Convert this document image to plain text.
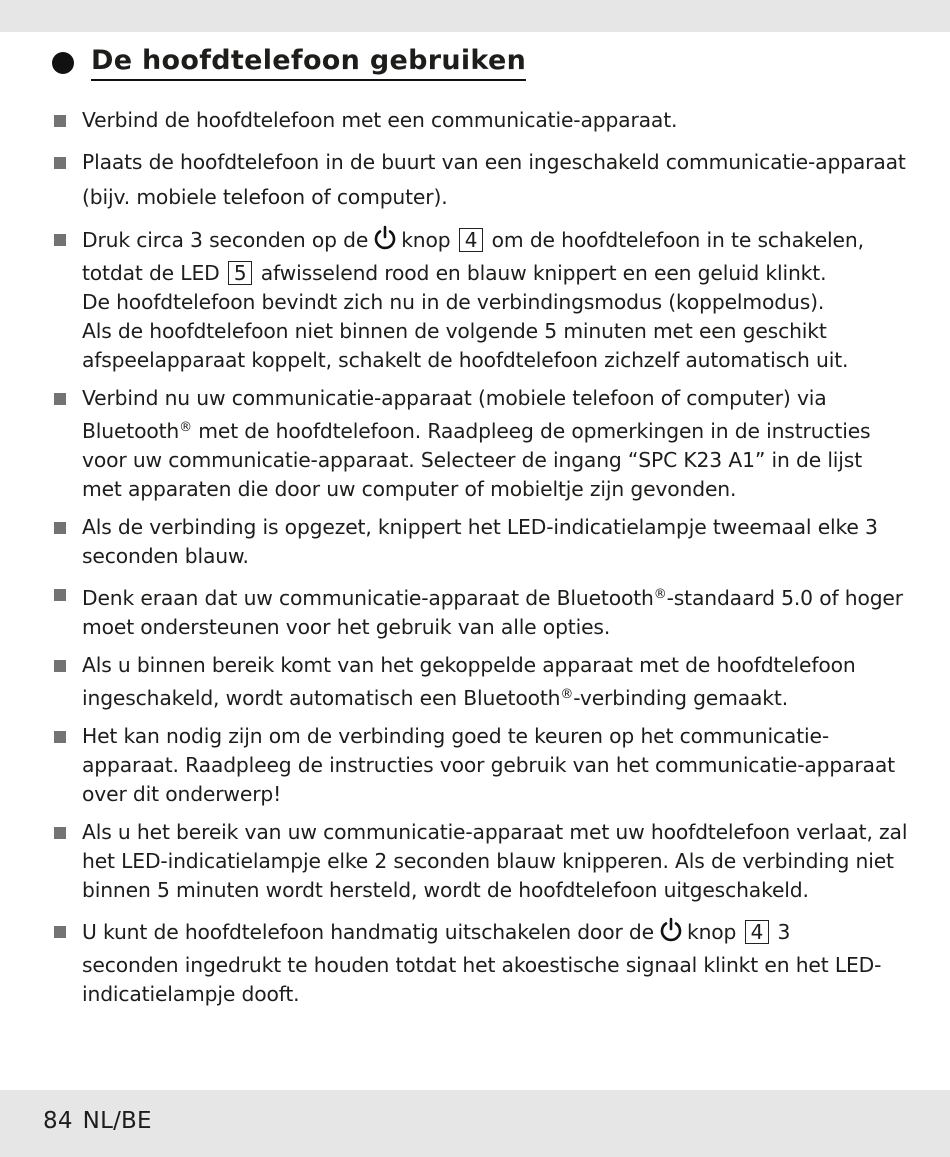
De hoofdtelefoon gebruiken

Verbind de hoofdtelefoon met een communicatie-apparaat.

Plaats de hoofdtelefoon in de buurt van een ingeschakeld communicatie-apparaat

(bijv. mobiele telefoon of computer).

Druk circa 3 seconden op de knop 4 om de hoofdtelefoon in te schakelen,

totdat de LED 5 afwisselend rood en blauw knippert en een geluid klinkt.

De hoofdtelefoon bevindt zich nu in de verbindingsmodus (koppelmodus).

Als de hoofdtelefoon niet binnen de volgende 5 minuten met een geschikt

afspeelapparaat koppelt, schakelt de hoofdtelefoon zichzelf automatisch uit.

Verbind nu uw communicatie-apparaat (mobiele telefoon of computer) via

Bluetooth® met de hoofdtelefoon. Raadpleeg de opmerkingen in de instructies

voor uw communicatie-apparaat. Selecteer de ingang “SPC K23 A1” in de lijst

met apparaten die door uw computer of mobieltje zijn gevonden.

Als de verbinding is opgezet, knippert het LED-indicatielampje tweemaal elke 3

seconden blauw.

Denk eraan dat uw communicatie-apparaat de Bluetooth®-standaard 5.0 of hoger

moet ondersteunen voor het gebruik van alle opties.

Als u binnen bereik komt van het gekoppelde apparaat met de hoofdtelefoon

ingeschakeld, wordt automatisch een Bluetooth®-verbinding gemaakt.

Het kan nodig zijn om de verbinding goed te keuren op het communicatie-

apparaat. Raadpleeg de instructies voor gebruik van het communicatie-apparaat

over dit onderwerp!

Als u het bereik van uw communicatie-apparaat met uw hoofdtelefoon verlaat, zal

het LED-indicatielampje elke 2 seconden blauw knipperen. Als de verbinding niet

binnen 5 minuten wordt hersteld, wordt de hoofdtelefoon uitgeschakeld.

U kunt de hoofdtelefoon handmatig uitschakelen door de knop 4 3

seconden ingedrukt te houden totdat het akoestische signaal klinkt en het LED-

indicatielampje dooft.

84 NL/BE
